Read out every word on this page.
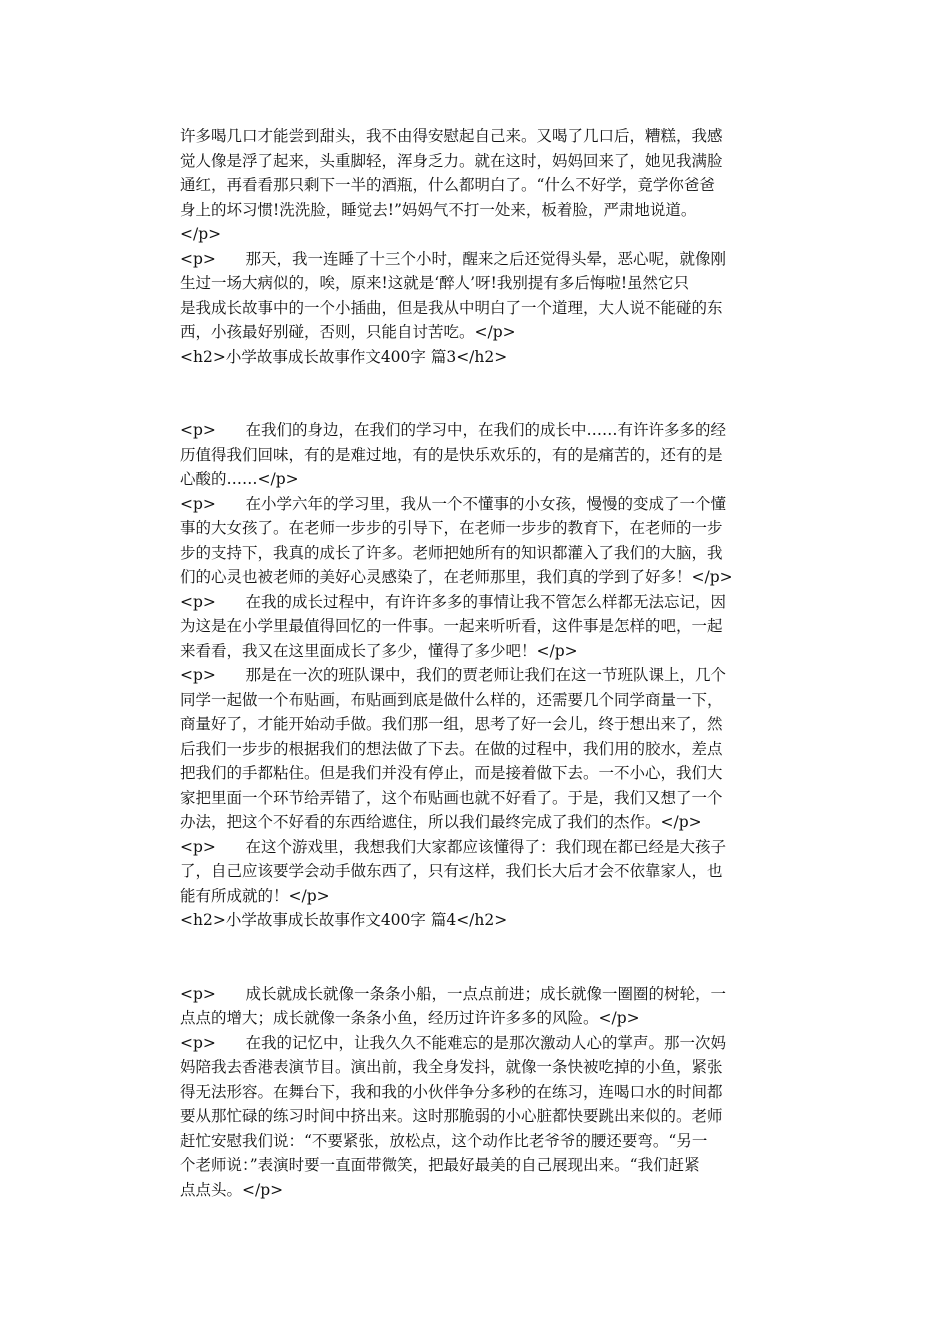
许多喝几口才能尝到甜头，我不由得安慰起自己来。又喝了几口后，糟糕，我感
觉人像是浮了起来，头重脚轻，浑身乏力。就在这时，妈妈回来了，她见我满脸
通红，再看看那只剩下一半的酒瓶，什么都明白了。“什么不好学，竟学你爸爸
身上的坏习惯!洗洗脸，睡觉去!”妈妈气不打一处来，板着脸，严肃地说道。
</p>
<p>      那天，我一连睡了十三个小时，醒来之后还觉得头晕，恶心呢，就像刚
生过一场大病似的，唉，原来!这就是‘醉人’呀!我别提有多后悔啦!虽然它只
是我成长故事中的一个小插曲，但是我从中明白了一个道理，大人说不能碰的东
西，小孩最好别碰，否则，只能自讨苦吃。</p>
<h2>小学故事成长故事作文400字 篇3</h2>
<p>      在我们的身边，在我们的学习中，在我们的成长中……有许许多多的经
历值得我们回味，有的是难过地，有的是快乐欢乐的，有的是痛苦的，还有的是
心酸的……</p>
<p>      在小学六年的学习里，我从一个不懂事的小女孩，慢慢的变成了一个懂
事的大女孩了。在老师一步步的引导下，在老师一步步的教育下，在老师的一步
步的支持下，我真的成长了许多。老师把她所有的知识都灌入了我们的大脑，我
们的心灵也被老师的美好心灵感染了，在老师那里，我们真的学到了好多！</p>
<p>      在我的成长过程中，有许许多多的事情让我不管怎么样都无法忘记，因
为这是在小学里最值得回忆的一件事。一起来听听看，这件事是怎样的吧，一起
来看看，我又在这里面成长了多少，懂得了多少吧！</p>
<p>      那是在一次的班队课中，我们的贾老师让我们在这一节班队课上，几个
同学一起做一个布贴画，布贴画到底是做什么样的，还需要几个同学商量一下，
商量好了，才能开始动手做。我们那一组，思考了好一会儿，终于想出来了，然
后我们一步步的根据我们的想法做了下去。在做的过程中，我们用的胶水，差点
把我们的手都粘住。但是我们并没有停止，而是接着做下去。一不小心，我们大
家把里面一个环节给弄错了，这个布贴画也就不好看了。于是，我们又想了一个
办法，把这个不好看的东西给遮住，所以我们最终完成了我们的杰作。</p>
<p>      在这个游戏里，我想我们大家都应该懂得了：我们现在都已经是大孩子
了，自己应该要学会动手做东西了，只有这样，我们长大后才会不依靠家人，也
能有所成就的！</p>
<h2>小学故事成长故事作文400字 篇4</h2>
<p>      成长就成长就像一条条小船，一点点前进；成长就像一圈圈的树轮，一
点点的增大；成长就像一条条小鱼，经历过许许多多的风险。</p>
<p>      在我的记忆中，让我久久不能难忘的是那次激动人心的掌声。那一次妈
妈陪我去香港表演节目。演出前，我全身发抖，就像一条快被吃掉的小鱼，紧张
得无法形容。在舞台下，我和我的小伙伴争分多秒的在练习，连喝口水的时间都
要从那忙碌的练习时间中挤出来。这时那脆弱的小心脏都快要跳出来似的。老师
赶忙安慰我们说：“不要紧张，放松点，这个动作比老爷爷的腰还要弯。“另一
个老师说：”表演时要一直面带微笑，把最好最美的自己展现出来。“我们赶紧
点点头。</p>
